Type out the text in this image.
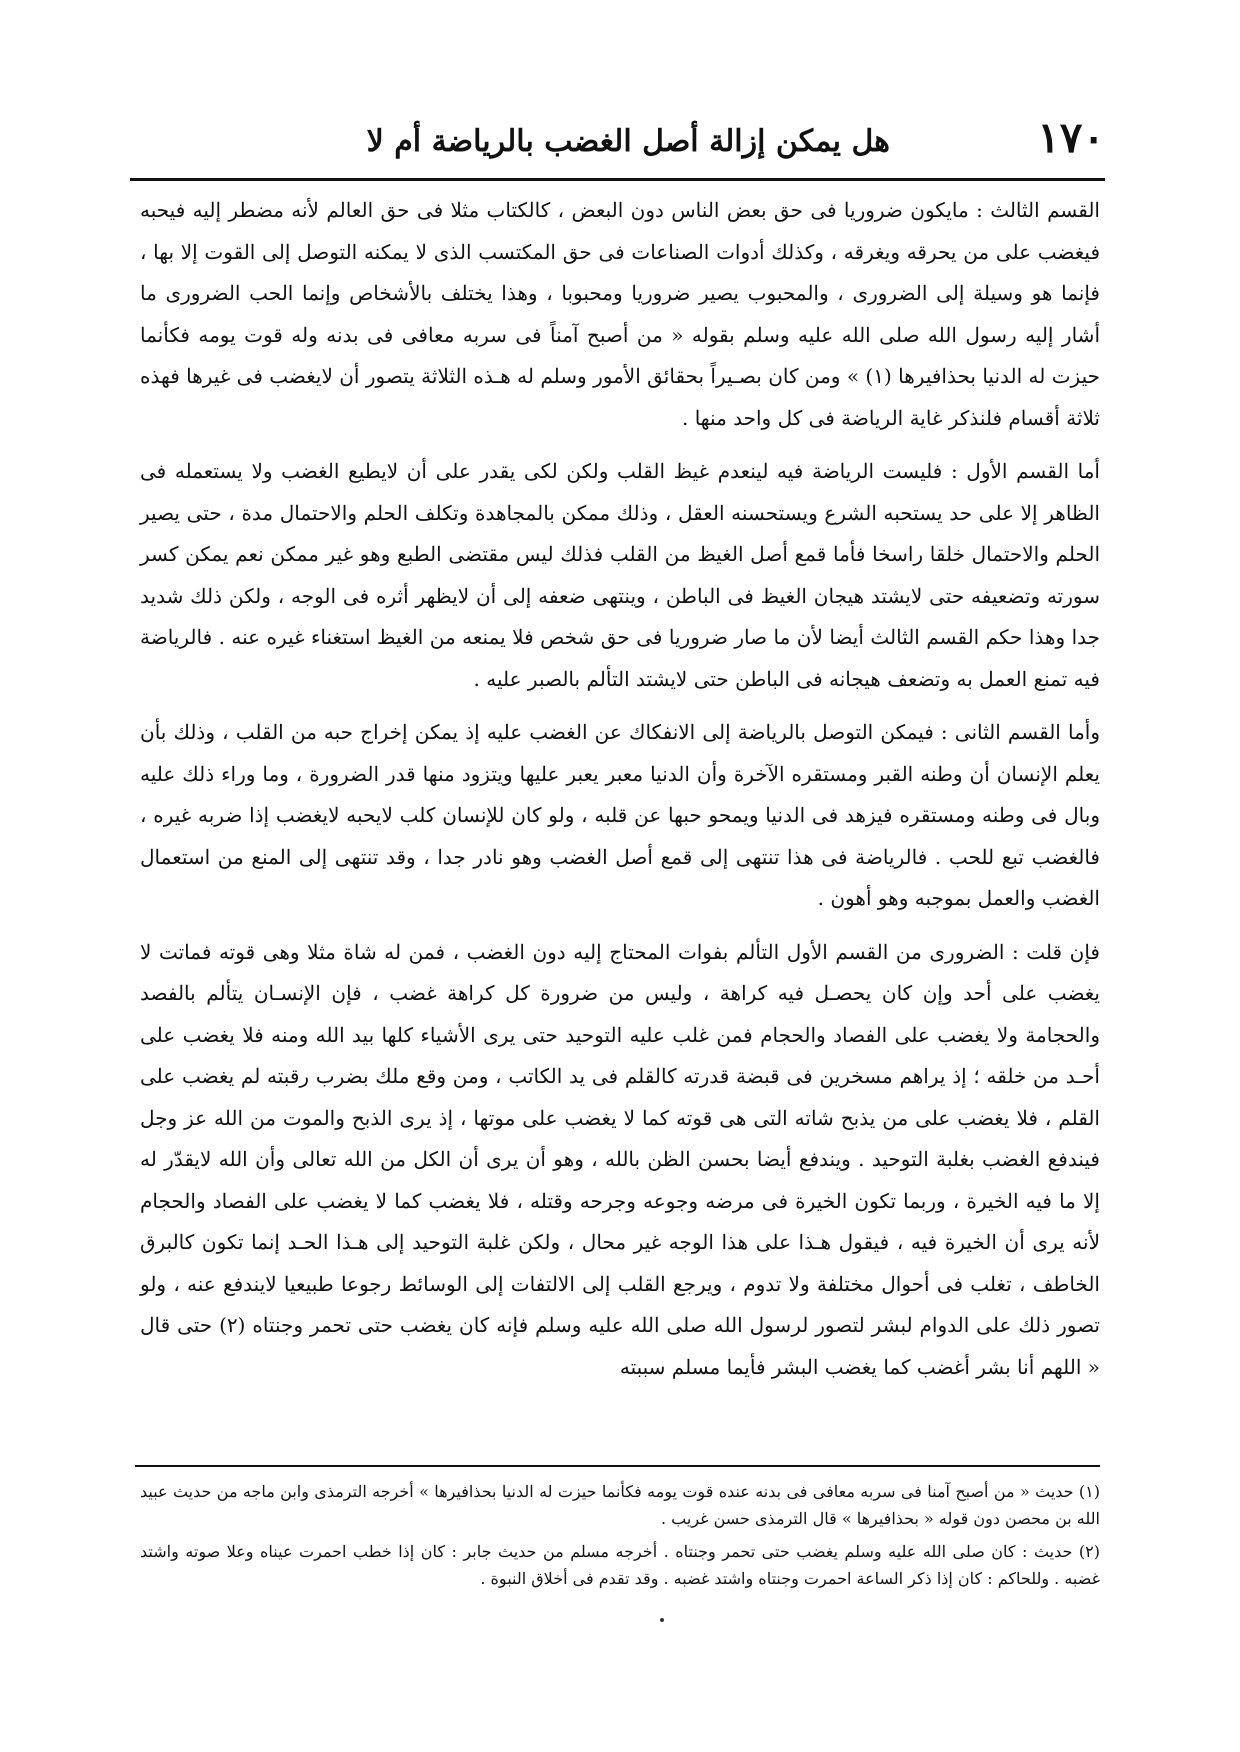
١٧٠
هل يمكن إزالة أصل الغضب بالرياضة أم لا

القسم الثالث : مايكون ضروريا فى حق بعض الناس دون البعض ، كالكتاب مثلا فى حق العالم لأنه مضطر إليه فيحبه فيغضب على من يحرقه ويغرقه ، وكذلك أدوات الصناعات فى حق المكتسب الذى لا يمكنه التوصل إلى القوت إلا بها ، فإنما هو وسيلة إلى الضرورى ، والمحبوب يصير ضروريا ومحبوبا ، وهذا يختلف بالأشخاص وإنما الحب الضرورى ما أشار إليه رسول الله صلى الله عليه وسلم بقوله « من أصبح آمناً فى سربه معافى فى بدنه وله قوت يومه فكأنما حيزت له الدنيا بحذافيرها (١) » ومن كان بصـيراً بحقائق الأمور وسلم له هـذه الثلاثة يتصور أن لايغضب فى غيرها فهذه ثلاثة أقسام فلنذكر غاية الرياضة فى كل واحد منها .

أما القسم الأول : فليست الرياضة فيه لينعدم غيظ القلب ولكن لكى يقدر على أن لايطيع الغضب ولا يستعمله فى الظاهر إلا على حد يستحبه الشرع ويستحسنه العقل ، وذلك ممكن بالمجاهدة وتكلف الحلم والاحتمال مدة ، حتى يصير الحلم والاحتمال خلقا راسخا فأما قمع أصل الغيظ من القلب فذلك ليس مقتضى الطبع وهو غير ممكن نعم يمكن كسر سورته وتضعيفه حتى لايشتد هيجان الغيظ فى الباطن ، وينتهى ضعفه إلى أن لايظهر أثره فى الوجه ، ولكن ذلك شديد جدا وهذا حكم القسم الثالث أيضا لأن ما صار ضروريا فى حق شخص فلا يمنعه من الغيظ استغناء غيره عنه . فالرياضة فيه تمنع العمل به وتضعف هيجانه فى الباطن حتى لايشتد التألم بالصبر عليه .

وأما القسم الثانى : فيمكن التوصل بالرياضة إلى الانفكاك عن الغضب عليه إذ يمكن إخراج حبه من القلب ، وذلك بأن يعلم الإنسان أن وطنه القبر ومستقره الآخرة وأن الدنيا معبر يعبر عليها ويتزود منها قدر الضرورة ، وما وراء ذلك عليه وبال فى وطنه ومستقره فيزهد فى الدنيا ويمحو حبها عن قلبه ، ولو كان للإنسان كلب لايحبه لايغضب إذا ضربه غيره ، فالغضب تبع للحب . فالرياضة فى هذا تنتهى إلى قمع أصل الغضب وهو نادر جدا ، وقد تنتهى إلى المنع من استعمال الغضب والعمل بموجبه وهو أهون .

فإن قلت : الضرورى من القسم الأول التألم بفوات المحتاج إليه دون الغضب ، فمن له شاة مثلا وهى قوته فماتت لا يغضب على أحد وإن كان يحصـل فيه كراهة ، وليس من ضرورة كل كراهة غضب ، فإن الإنسـان يتألم بالفصد والحجامة ولا يغضب على الفصاد والحجام فمن غلب عليه التوحيد حتى يرى الأشياء كلها بيد الله ومنه فلا يغضب على أحـد من خلقه ؛ إذ يراهم مسخرين فى قبضة قدرته كالقلم فى يد الكاتب ، ومن وقع ملك بضرب رقبته لم يغضب على القلم ، فلا يغضب على من يذبح شاته التى هى قوته كما لا يغضب على موتها ، إذ يرى الذبح والموت من الله عز وجل فيندفع الغضب بغلبة التوحيد . ويندفع أيضا بحسن الظن بالله ، وهو أن يرى أن الكل من الله تعالى وأن الله لايقدّر له إلا ما فيه الخيرة ، وربما تكون الخيرة فى مرضه وجوعه وجرحه وقتله ، فلا يغضب كما لا يغضب على الفصاد والحجام لأنه يرى أن الخيرة فيه ، فيقول هـذا على هذا الوجه غير محال ، ولكن غلبة التوحيد إلى هـذا الحـد إنما تكون كالبرق الخاطف ، تغلب فى أحوال مختلفة ولا تدوم ، ويرجع القلب إلى الالتفات إلى الوسائط رجوعا طبيعيا لايندفع عنه ، ولو تصور ذلك على الدوام لبشر لتصور لرسول الله صلى الله عليه وسلم فإنه كان يغضب حتى تحمر وجنتاه (٢) حتى قال « اللهم أنا بشر أغضب كما يغضب البشر فأيما مسلم سببته

(١) حديث « من أصبح آمنا فى سربه معافى فى بدنه عنده قوت يومه فكأنما حيزت له الدنيا بحذافيرها » أخرجه الترمذى وابن ماجه من حديث عبيد الله بن محصن دون قوله « بحذافيرها » قال الترمذى حسن غريب .

(٢) حديث : كان صلى الله عليه وسلم يغضب حتى تحمر وجنتاه . أخرجه مسلم من حديث جابر : كان إذا خطب احمرت عيناه وعلا صوته واشتد غضبه . وللحاكم : كان إذا ذكر الساعة احمرت وجنتاه واشتد غضبه . وقد تقدم فى أخلاق النبوة .
